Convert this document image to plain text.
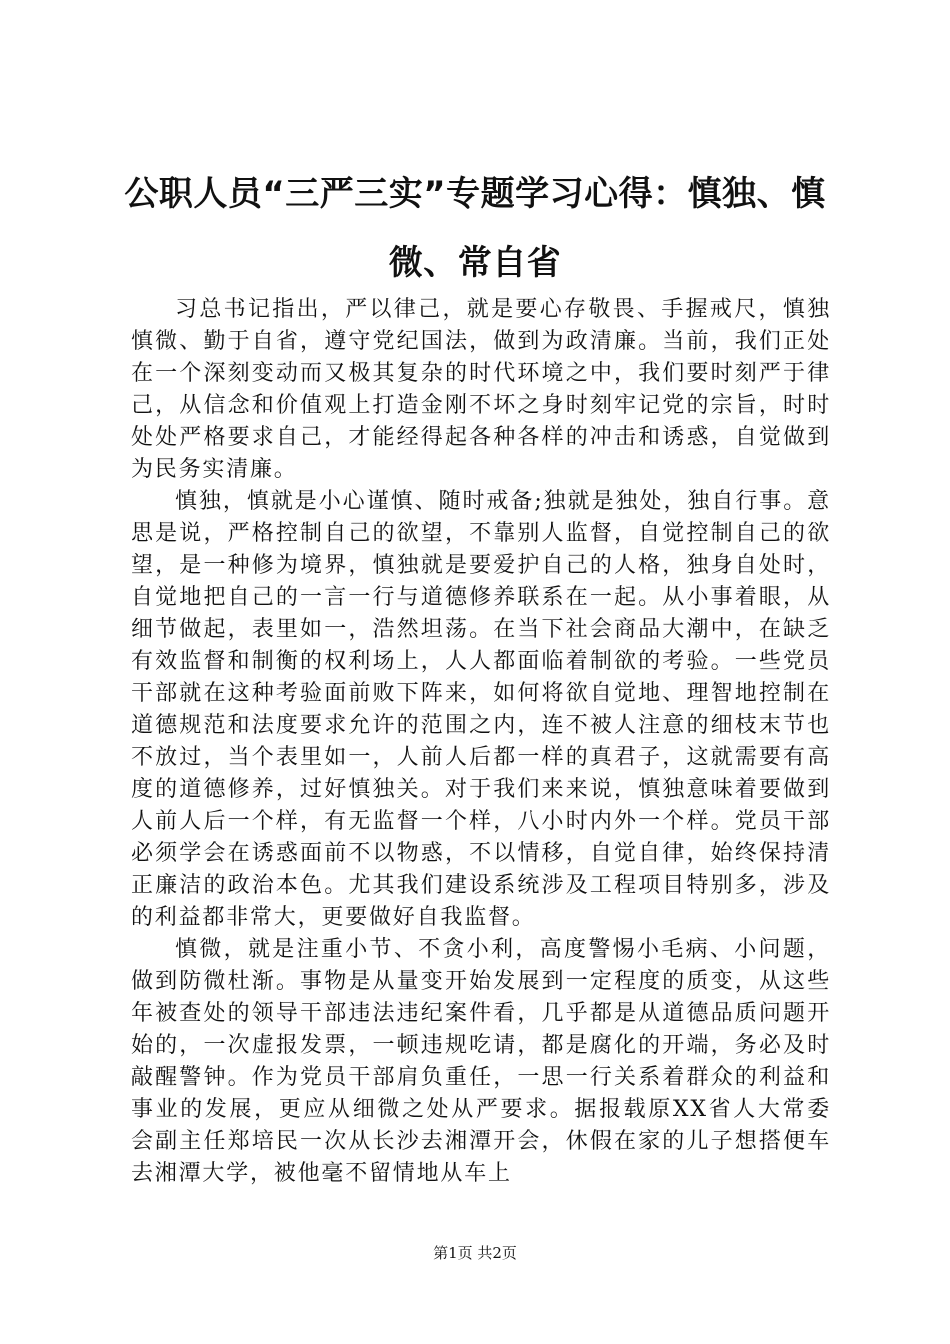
公职人员“三严三实”专题学习心得：慎独、慎微、常自省

习总书记指出，严以律己，就是要心存敬畏、手握戒尺，慎独慎微、勤于自省，遵守党纪国法，做到为政清廉。当前，我们正处在一个深刻变动而又极其复杂的时代环境之中，我们要时刻严于律己，从信念和价值观上打造金刚不坏之身时刻牢记党的宗旨，时时处处严格要求自己，才能经得起各种各样的冲击和诱惑，自觉做到为民务实清廉。

慎独，慎就是小心谨慎、随时戒备;独就是独处，独自行事。意思是说，严格控制自己的欲望，不靠别人监督，自觉控制自己的欲望，是一种修为境界，慎独就是要爱护自己的人格，独身自处时，自觉地把自己的一言一行与道德修养联系在一起。从小事着眼，从细节做起，表里如一，浩然坦荡。在当下社会商品大潮中，在缺乏有效监督和制衡的权利场上，人人都面临着制欲的考验。一些党员干部就在这种考验面前败下阵来，如何将欲自觉地、理智地控制在道德规范和法度要求允许的范围之内，连不被人注意的细枝末节也不放过，当个表里如一，人前人后都一样的真君子，这就需要有高度的道德修养，过好慎独关。对于我们来来说，慎独意味着要做到人前人后一个样，有无监督一个样，八小时内外一个样。党员干部必须学会在诱惑面前不以物惑，不以情移，自觉自律，始终保持清正廉洁的政治本色。尤其我们建设系统涉及工程项目特别多，涉及的利益都非常大，更要做好自我监督。

慎微，就是注重小节、不贪小利，高度警惕小毛病、小问题，做到防微杜渐。事物是从量变开始发展到一定程度的质变，从这些年被查处的领导干部违法违纪案件看，几乎都是从道德品质问题开始的，一次虚报发票，一顿违规吃请，都是腐化的开端，务必及时敲醒警钟。作为党员干部肩负重任，一思一行关系着群众的利益和事业的发展，更应从细微之处从严要求。据报载原XX省人大常委会副主任郑培民一次从长沙去湘潭开会，休假在家的儿子想搭便车去湘潭大学，被他毫不留情地从车上

第1页 共2页
